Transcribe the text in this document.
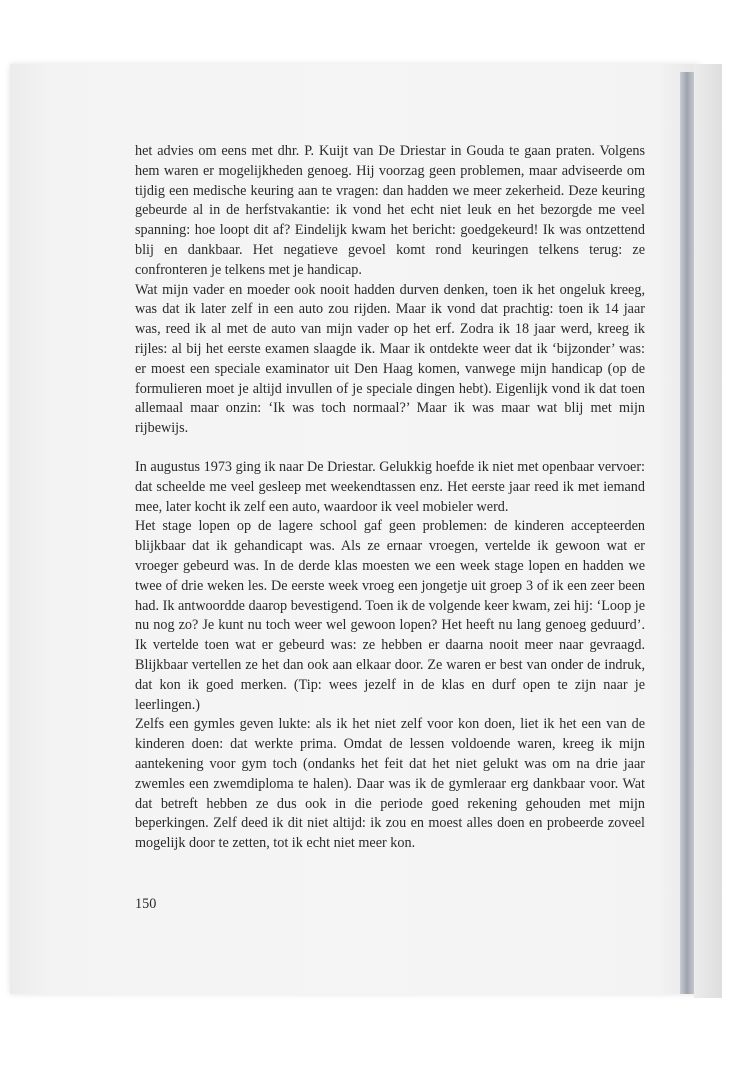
het advies om eens met dhr. P. Kuijt van De Driestar in Gouda te gaan praten. Volgens hem waren er mogelijkheden genoeg. Hij voorzag geen problemen, maar adviseerde om tijdig een medische keuring aan te vragen: dan hadden we meer zekerheid. Deze keuring gebeurde al in de herfstvakantie: ik vond het echt niet leuk en het bezorgde me veel spanning: hoe loopt dit af? Eindelijk kwam het bericht: goedgekeurd! Ik was ontzettend blij en dankbaar. Het negatieve gevoel komt rond keuringen telkens terug: ze confronteren je telkens met je handicap.

Wat mijn vader en moeder ook nooit hadden durven denken, toen ik het ongeluk kreeg, was dat ik later zelf in een auto zou rijden. Maar ik vond dat prachtig: toen ik 14 jaar was, reed ik al met de auto van mijn vader op het erf. Zodra ik 18 jaar werd, kreeg ik rijles: al bij het eerste examen slaagde ik. Maar ik ontdekte weer dat ik ‘bijzonder’ was: er moest een speciale examinator uit Den Haag komen, vanwege mijn handicap (op de formulieren moet je altijd invullen of je speciale dingen hebt). Eigenlijk vond ik dat toen allemaal maar onzin: ‘Ik was toch normaal?’ Maar ik was maar wat blij met mijn rijbewijs.

In augustus 1973 ging ik naar De Driestar. Gelukkig hoefde ik niet met openbaar vervoer: dat scheelde me veel gesleep met weekendtassen enz. Het eerste jaar reed ik met iemand mee, later kocht ik zelf een auto, waardoor ik veel mobieler werd.

Het stage lopen op de lagere school gaf geen problemen: de kinderen accepteerden blijkbaar dat ik gehandicapt was. Als ze ernaar vroegen, vertelde ik gewoon wat er vroeger gebeurd was. In de derde klas moesten we een week stage lopen en hadden we twee of drie weken les. De eerste week vroeg een jongetje uit groep 3 of ik een zeer been had. Ik antwoordde daarop bevestigend. Toen ik de volgende keer kwam, zei hij: ‘Loop je nu nog zo? Je kunt nu toch weer wel gewoon lopen? Het heeft nu lang genoeg geduurd’. Ik vertelde toen wat er gebeurd was: ze hebben er daarna nooit meer naar gevraagd. Blijkbaar vertellen ze het dan ook aan elkaar door. Ze waren er best van onder de indruk, dat kon ik goed merken. (Tip: wees jezelf in de klas en durf open te zijn naar je leerlingen.)

Zelfs een gymles geven lukte: als ik het niet zelf voor kon doen, liet ik het een van de kinderen doen: dat werkte prima. Omdat de lessen voldoende waren, kreeg ik mijn aantekening voor gym toch (ondanks het feit dat het niet gelukt was om na drie jaar zwemles een zwemdiploma te halen). Daar was ik de gymleraar erg dankbaar voor. Wat dat betreft hebben ze dus ook in die periode goed rekening gehouden met mijn beperkingen. Zelf deed ik dit niet altijd: ik zou en moest alles doen en probeerde zoveel mogelijk door te zetten, tot ik echt niet meer kon.

150
